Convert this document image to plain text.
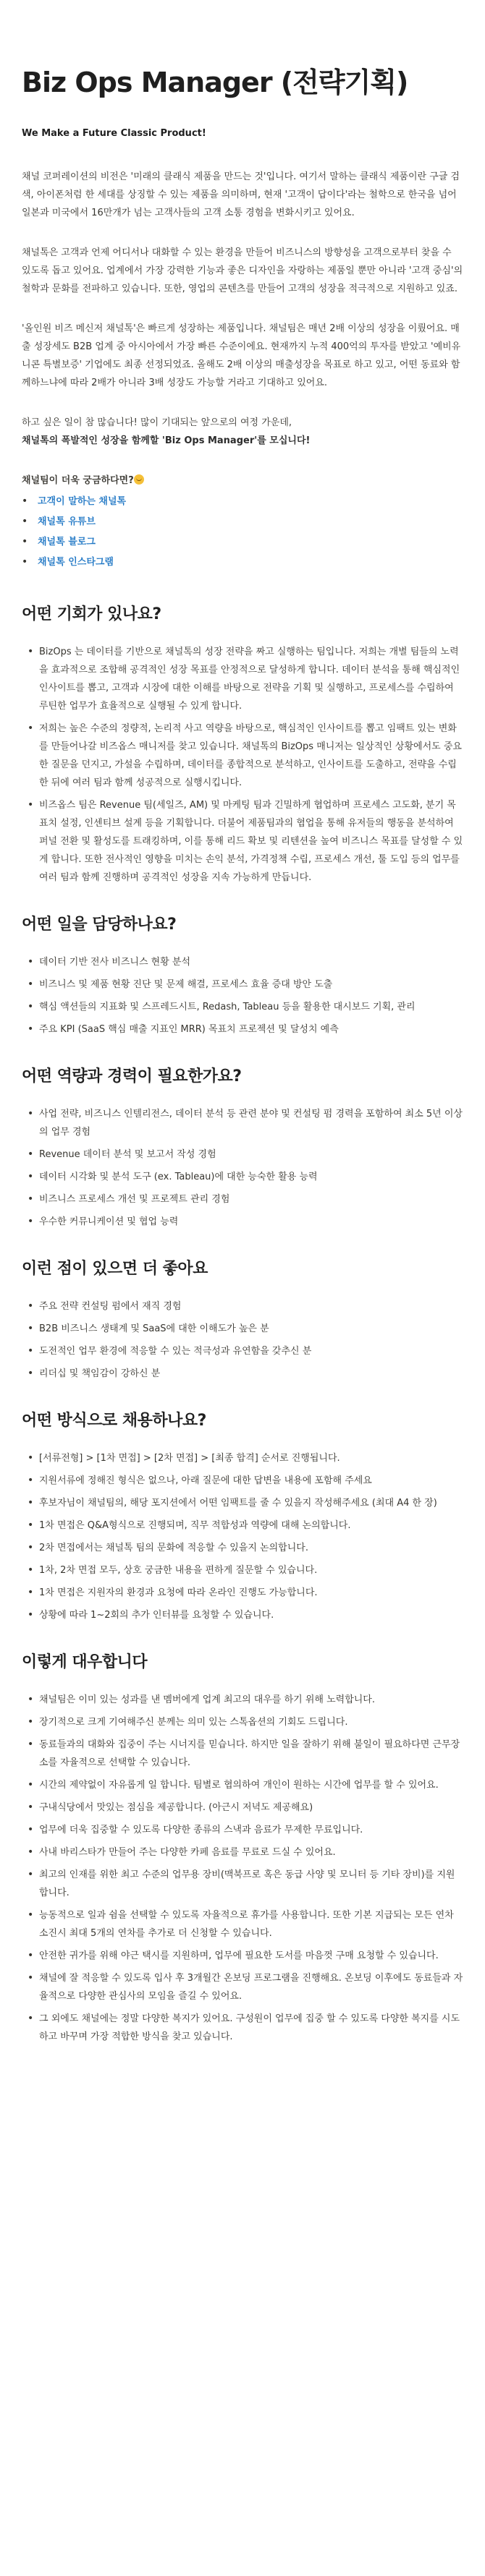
Biz Ops Manager (전략기획)
We Make a Future Classic Product!

채널 코퍼레이션의 비전은 '미래의 클래식 제품을 만드는 것'입니다. 여기서 말하는 클래식 제품이란 구글 검색, 아이폰처럼 한 세대를 상징할 수 있는 제품을 의미하며, 현재 '고객이 답이다'라는 철학으로 한국을 넘어 일본과 미국에서 16만개가 넘는 고객사들의 고객 소통 경험을 변화시키고 있어요.

채널톡은 고객과 언제 어디서나 대화할 수 있는 환경을 만들어 비즈니스의 방향성을 고객으로부터 찾을 수 있도록 돕고 있어요. 업계에서 가장 강력한 기능과 좋은 디자인을 자랑하는 제품일 뿐만 아니라 '고객 중심'의 철학과 문화를 전파하고 있습니다. 또한, 영업의 콘텐츠를 만들어 고객의 성장을 적극적으로 지원하고 있죠.

'올인원 비즈 메신저 채널톡'은 빠르게 성장하는 제품입니다. 채널팀은 매년 2배 이상의 성장을 이뤘어요. 매출 성장세도 B2B 업계 중 아시아에서 가장 빠른 수준이에요. 현재까지 누적 400억의 투자를 받았고 '예비유니콘 특별보증' 기업에도 최종 선정되었죠. 올해도 2배 이상의 매출성장을 목표로 하고 있고, 어떤 동료와 함께하느냐에 따라 2배가 아니라 3배 성장도 가능할 거라고 기대하고 있어요.

하고 싶은 일이 참 많습니다! 많이 기대되는 앞으로의 여정 가운데,
채널톡의 폭발적인 성장을 함께할 'Biz Ops Manager'를 모십니다!

채널팀이 더욱 궁금하다면?
• 고객이 말하는 채널톡
• 채널톡 유튜브
• 채널톡 블로그
• 채널톡 인스타그램
어떤 기회가 있나요?
• BizOps 는 데이터를 기반으로 채널톡의 성장 전략을 짜고 실행하는 팀입니다. 저희는 개별 팀들의 노력을 효과적으로 조합해 공격적인 성장 목표를 안정적으로 달성하게 합니다. 데이터 분석을 통해 핵심적인 인사이트를 뽑고, 고객과 시장에 대한 이해를 바탕으로 전략을 기획 및 실행하고, 프로세스를 수립하여 루틴한 업무가 효율적으로 실행될 수 있게 합니다.
• 저희는 높은 수준의 정량적, 논리적 사고 역량을 바탕으로, 핵심적인 인사이트를 뽑고 임팩트 있는 변화를 만들어나갈 비즈옵스 매니저를 찾고 있습니다. 채널톡의 BizOps 매니저는 일상적인 상황에서도 중요한 질문을 던지고, 가설을 수립하며, 데이터를 종합적으로 분석하고, 인사이트를 도출하고, 전략을 수립한 뒤에 여러 팀과 함께 성공적으로 실행시킵니다.
• 비즈옵스 팀은 Revenue 팀(세일즈, AM) 및 마케팅 팀과 긴밀하게 협업하며 프로세스 고도화, 분기 목표치 설정, 인센티브 설계 등을 기획합니다. 더불어 제품팀과의 협업을 통해 유저들의 행동을 분석하여 퍼널 전환 및 활성도를 트래킹하며, 이를 통해 리드 확보 및 리텐션을 높여 비즈니스 목표를 달성할 수 있게 합니다. 또한 전사적인 영향을 미치는 손익 분석, 가격정책 수립, 프로세스 개선, 툴 도입 등의 업무를 여러 팀과 함께 진행하며 공격적인 성장을 지속 가능하게 만듭니다.
어떤 일을 담당하나요?
• 데이터 기반 전사 비즈니스 현황 분석
• 비즈니스 및 제품 현황 진단 및 문제 해결, 프로세스 효율 증대 방안 도출
• 핵심 액션들의 지표화 및 스프레드시트, Redash, Tableau 등을 활용한 대시보드 기획, 관리
• 주요 KPI (SaaS 핵심 매출 지표인 MRR) 목표치 프로젝션 및 달성치 예측
어떤 역량과 경력이 필요한가요?
• 사업 전략, 비즈니스 인텔리전스, 데이터 분석 등 관련 분야 및 컨설팅 펌 경력을 포함하여 최소 5년 이상의 업무 경험
• Revenue 데이터 분석 및 보고서 작성 경험
• 데이터 시각화 및 분석 도구 (ex. Tableau)에 대한 능숙한 활용 능력
• 비즈니스 프로세스 개선 및 프로젝트 관리 경험
• 우수한 커뮤니케이션 및 협업 능력
이런 점이 있으면 더 좋아요
• 주요 전략 컨설팅 펌에서 재직 경험
• B2B 비즈니스 생태계 및 SaaS에 대한 이해도가 높은 분
• 도전적인 업무 환경에 적응할 수 있는 적극성과 유연함을 갖추신 분
• 리더십 및 책임감이 강하신 분
어떤 방식으로 채용하나요?
• [서류전형] > [1차 면접] > [2차 면접] > [최종 합격] 순서로 진행됩니다.
• 지원서류에 정해진 형식은 없으나, 아래 질문에 대한 답변을 내용에 포함해 주세요
• 후보자님이 채널팀의, 해당 포지션에서 어떤 임팩트를 줄 수 있을지 작성해주세요 (최대 A4 한 장)
• 1차 면접은 Q&A형식으로 진행되며, 직무 적합성과 역량에 대해 논의합니다.
• 2차 면접에서는 채널톡 팀의 문화에 적응할 수 있을지 논의합니다.
• 1차, 2차 면접 모두, 상호 궁금한 내용을 편하게 질문할 수 있습니다.
• 1차 면접은 지원자의 환경과 요청에 따라 온라인 진행도 가능합니다.
• 상황에 따라 1~2회의 추가 인터뷰를 요청할 수 있습니다.
이렇게 대우합니다
• 채널팀은 이미 있는 성과를 낸 멤버에게 업계 최고의 대우를 하기 위해 노력합니다.
• 장기적으로 크게 기여해주신 분께는 의미 있는 스톡옵션의 기회도 드립니다.
• 동료들과의 대화와 집중이 주는 시너지를 믿습니다. 하지만 일을 잘하기 위해 불일이 필요하다면 근무장소를 자율적으로 선택할 수 있습니다.
• 시간의 제약없이 자유롭게 일 합니다. 팀별로 협의하여 개인이 원하는 시간에 업무를 할 수 있어요.
• 구내식당에서 맛있는 점심을 제공합니다. (아근시 저녁도 제공해요)
• 업무에 더욱 집중할 수 있도록 다양한 종류의 스낵과 음료가 무제한 무료입니다.
• 사내 바리스타가 만들어 주는 다양한 카페 음료를 무료로 드실 수 있어요.
• 최고의 인재를 위한 최고 수준의 업무용 장비(맥북프로 혹은 동급 사양 및 모니터 등 기타 장비)를 지원합니다.
• 능동적으로 일과 쉼을 선택할 수 있도록 자율적으로 휴가를 사용합니다. 또한 기본 지급되는 모든 연차 소진시 최대 5개의 연차를 추가로 더 신청할 수 있습니다.
• 안전한 귀가를 위해 야근 택시를 지원하며, 업무에 필요한 도서를 마음껏 구매 요청할 수 있습니다.
• 채널에 잘 적응할 수 있도록 입사 후 3개월간 온보딩 프로그램을 진행해요. 온보딩 이후에도 동료들과 자율적으로 다양한 관심사의 모임을 즐길 수 있어요.
• 그 외에도 채널에는 정말 다양한 복지가 있어요. 구성원이 업무에 집중 할 수 있도록 다양한 복지를 시도하고 바꾸며 가장 적합한 방식을 찾고 있습니다.
